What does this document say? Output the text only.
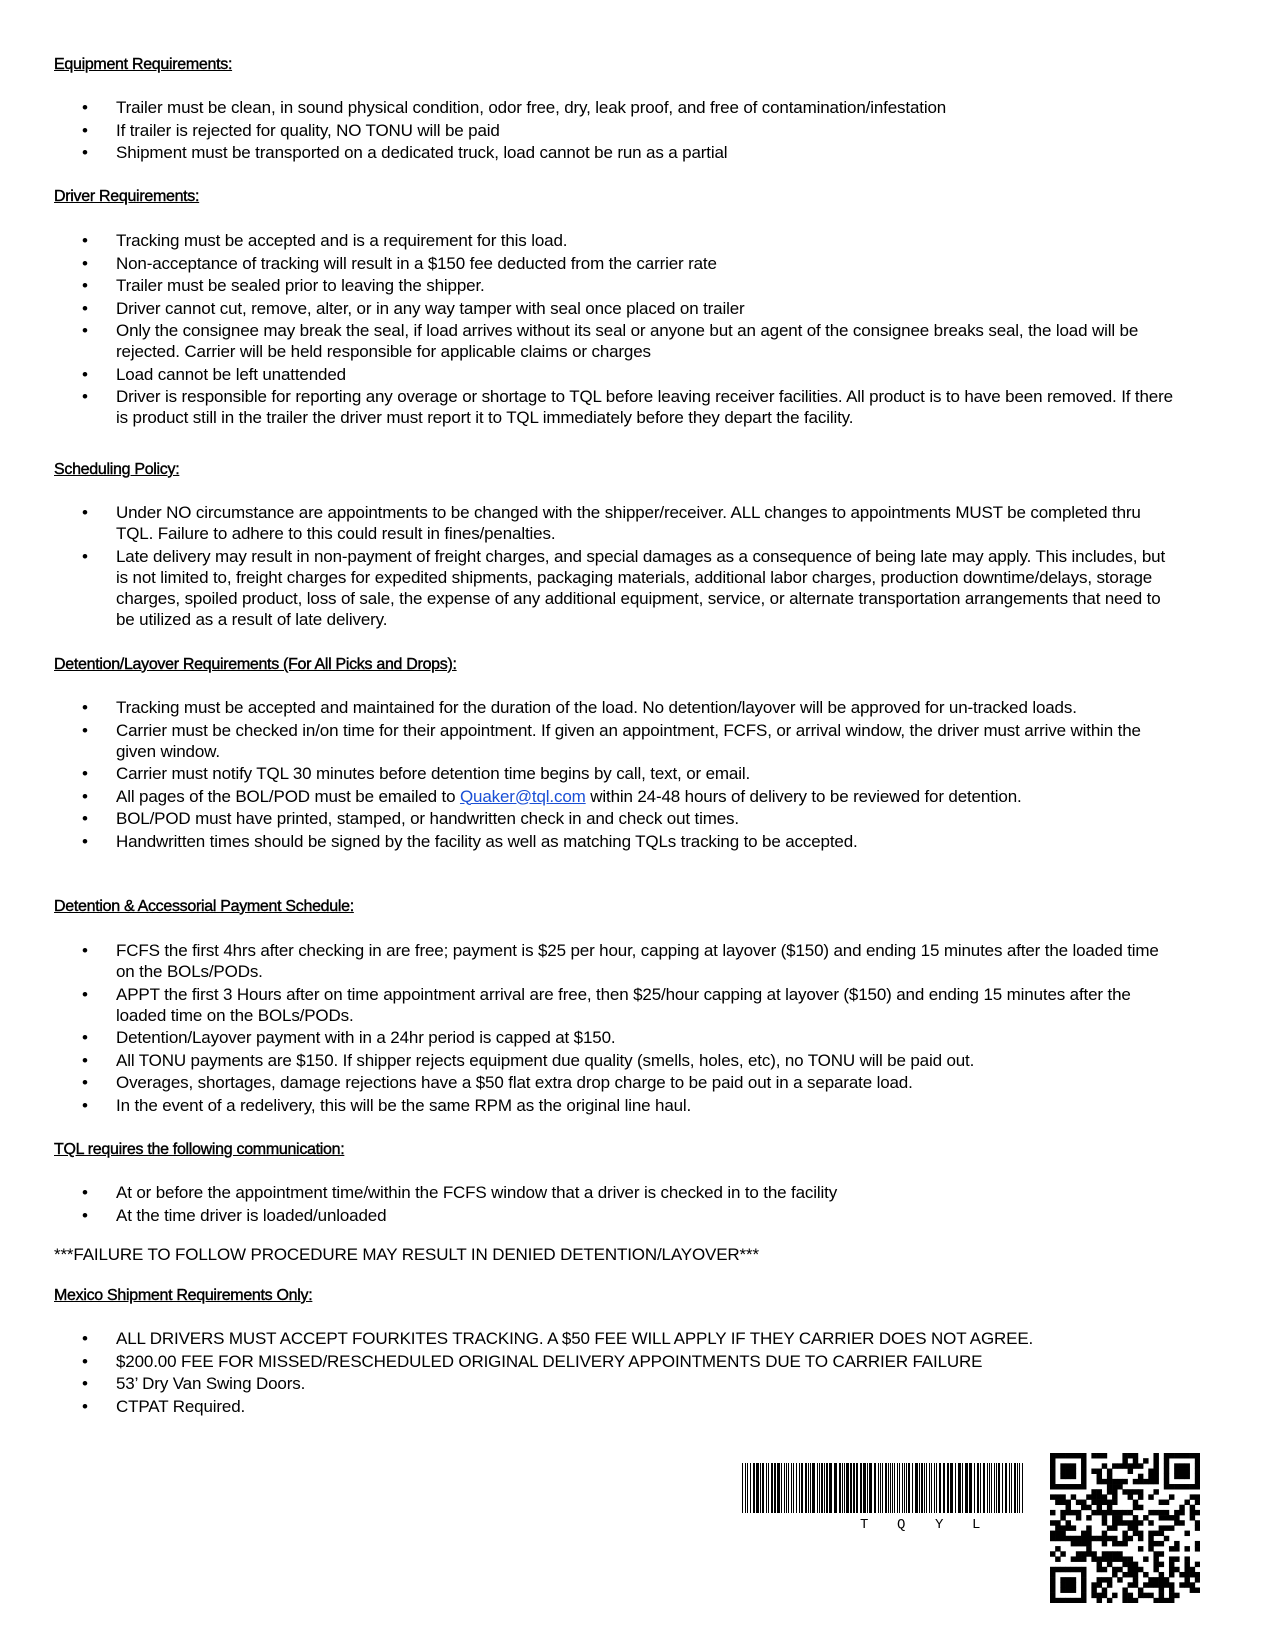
Equipment Requirements:
• Trailer must be clean, in sound physical condition, odor free, dry, leak proof, and free of contamination/infestation
• If trailer is rejected for quality, NO TONU will be paid
• Shipment must be transported on a dedicated truck, load cannot be run as a partial
Driver Requirements:
• Tracking must be accepted and is a requirement for this load.
• Non-acceptance of tracking will result in a $150 fee deducted from the carrier rate
• Trailer must be sealed prior to leaving the shipper.
• Driver cannot cut, remove, alter, or in any way tamper with seal once placed on trailer
• Only the consignee may break the seal, if load arrives without its seal or anyone but an agent of the consignee breaks seal, the load will be rejected. Carrier will be held responsible for applicable claims or charges
• Load cannot be left unattended
• Driver is responsible for reporting any overage or shortage to TQL before leaving receiver facilities. All product is to have been removed. If there is product still in the trailer the driver must report it to TQL immediately before they depart the facility.
Scheduling Policy:
• Under NO circumstance are appointments to be changed with the shipper/receiver. ALL changes to appointments MUST be completed thru TQL. Failure to adhere to this could result in fines/penalties.
• Late delivery may result in non-payment of freight charges, and special damages as a consequence of being late may apply. This includes, but is not limited to, freight charges for expedited shipments, packaging materials, additional labor charges, production downtime/delays, storage charges, spoiled product, loss of sale, the expense of any additional equipment, service, or alternate transportation arrangements that need to be utilized as a result of late delivery.
Detention/Layover Requirements (For All Picks and Drops):
• Tracking must be accepted and maintained for the duration of the load. No detention/layover will be approved for un-tracked loads.
• Carrier must be checked in/on time for their appointment. If given an appointment, FCFS, or arrival window, the driver must arrive within the given window.
• Carrier must notify TQL 30 minutes before detention time begins by call, text, or email.
• All pages of the BOL/POD must be emailed to Quaker@tql.com within 24-48 hours of delivery to be reviewed for detention.
• BOL/POD must have printed, stamped, or handwritten check in and check out times.
• Handwritten times should be signed by the facility as well as matching TQLs tracking to be accepted.
Detention & Accessorial Payment Schedule:
• FCFS the first 4hrs after checking in are free; payment is $25 per hour, capping at layover ($150) and ending 15 minutes after the loaded time on the BOLs/PODs.
• APPT the first 3 Hours after on time appointment arrival are free, then $25/hour capping at layover ($150) and ending 15 minutes after the loaded time on the BOLs/PODs.
• Detention/Layover payment with in a 24hr period is capped at $150.
• All TONU payments are $150. If shipper rejects equipment due quality (smells, holes, etc), no TONU will be paid out.
• Overages, shortages, damage rejections have a $50 flat extra drop charge to be paid out in a separate load.
• In the event of a redelivery, this will be the same RPM as the original line haul.
TQL requires the following communication:
• At or before the appointment time/within the FCFS window that a driver is checked in to the facility
• At the time driver is loaded/unloaded

***FAILURE TO FOLLOW PROCEDURE MAY RESULT IN DENIED DETENTION/LAYOVER***

Mexico Shipment Requirements Only:
• ALL DRIVERS MUST ACCEPT FOURKITES TRACKING. A $50 FEE WILL APPLY IF THEY CARRIER DOES NOT AGREE.
• $200.00 FEE FOR MISSED/RESCHEDULED ORIGINAL DELIVERY APPOINTMENTS DUE TO CARRIER FAILURE
• 53’ Dry Van Swing Doors.
• CTPAT Required.
T Q Y L
